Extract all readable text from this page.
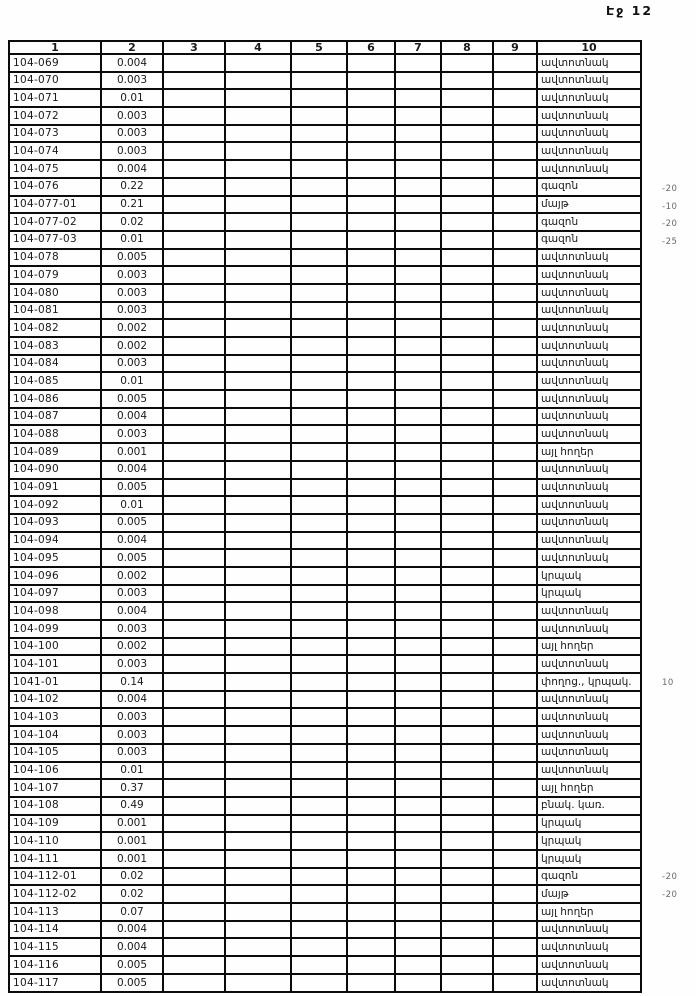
Էջ 12
1	2	3	4	5	6	7	8	9	10
104-069	0.004								ավտոտնակ
104-070	0.003								ավտոտնակ
104-071	0.01								ավտոտնակ
104-072	0.003								ավտոտնակ
104-073	0.003								ավտոտնակ
104-074	0.003								ավտոտնակ
104-075	0.004								ավտոտնակ
104-076	0.22								գազոն
104-077-01	0.21								մայթ
104-077-02	0.02								գազոն
104-077-03	0.01								գազոն
104-078	0.005								ավտոտնակ
104-079	0.003								ավտոտնակ
104-080	0.003								ավտոտնակ
104-081	0.003								ավտոտնակ
104-082	0.002								ավտոտնակ
104-083	0.002								ավտոտնակ
104-084	0.003								ավտոտնակ
104-085	0.01								ավտոտնակ
104-086	0.005								ավտոտնակ
104-087	0.004								ավտոտնակ
104-088	0.003								ավտոտնակ
104-089	0.001								այլ հողեր
104-090	0.004								ավտոտնակ
104-091	0.005								ավտոտնակ
104-092	0.01								ավտոտնակ
104-093	0.005								ավտոտնակ
104-094	0.004								ավտոտնակ
104-095	0.005								ավտոտնակ
104-096	0.002								կրպակ
104-097	0.003								կրպակ
104-098	0.004								ավտոտնակ
104-099	0.003								ավտոտնակ
104-100	0.002								այլ հողեր
104-101	0.003								ավտոտնակ
1041-01	0.14								փողոց., կրպակ.
104-102	0.004								ավտոտնակ
104-103	0.003								ավտոտնակ
104-104	0.003								ավտոտնակ
104-105	0.003								ավտոտնակ
104-106	0.01								ավտոտնակ
104-107	0.37								այլ հողեր
104-108	0.49								բնակ. կառ.
104-109	0.001								կրպակ
104-110	0.001								կրպակ
104-111	0.001								կրպակ
104-112-01	0.02								գազոն
104-112-02	0.02								մայթ
104-113	0.07								այլ հողեր
104-114	0.004								ավտոտնակ
104-115	0.004								ավտոտնակ
104-116	0.005								ավտոտնակ
104-117	0.005								ավտոտնակ
-20
-10
-20
-25
10
-20
-20
